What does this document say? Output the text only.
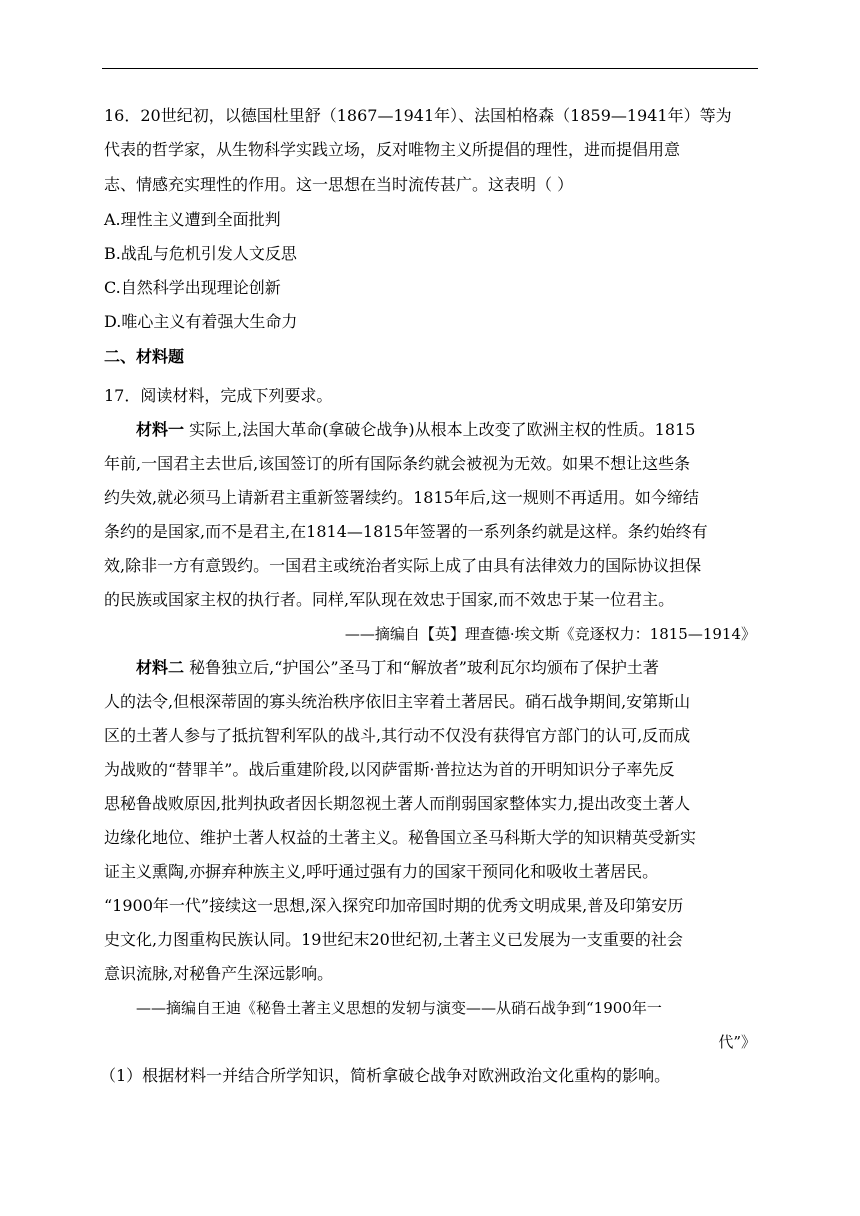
16．20世纪初，以德国杜里舒（1867—1941年）、法国柏格森（1859—1941年）等为
代表的哲学家，从生物科学实践立场，反对唯物主义所提倡的理性，进而提倡用意
志、情感充实理性的作用。这一思想在当时流传甚广。这表明（ ）
A.理性主义遭到全面批判
B.战乱与危机引发人文反思
C.自然科学出现理论创新
D.唯心主义有着强大生命力
二、材料题
17．阅读材料，完成下列要求。
材料一 实际上,法国大革命(拿破仑战争)从根本上改变了欧洲主权的性质。1815
年前,一国君主去世后,该国签订的所有国际条约就会被视为无效。如果不想让这些条
约失效,就必须马上请新君主重新签署续约。1815年后,这一规则不再适用。如今缔结
条约的是国家,而不是君主,在1814—1815年签署的一系列条约就是这样。条约始终有
效,除非一方有意毁约。一国君主或统治者实际上成了由具有法律效力的国际协议担保
的民族或国家主权的执行者。同样,军队现在效忠于国家,而不效忠于某一位君主。
——摘编自【英】理查德·埃文斯《竞逐权力：1815—1914》
材料二 秘鲁独立后,“护国公”圣马丁和“解放者”玻利瓦尔均颁布了保护土著
人的法令,但根深蒂固的寡头统治秩序依旧主宰着土著居民。硝石战争期间,安第斯山
区的土著人参与了抵抗智利军队的战斗,其行动不仅没有获得官方部门的认可,反而成
为战败的“替罪羊”。战后重建阶段,以冈萨雷斯·普拉达为首的开明知识分子率先反
思秘鲁战败原因,批判执政者因长期忽视土著人而削弱国家整体实力,提出改变土著人
边缘化地位、维护土著人权益的土著主义。秘鲁国立圣马科斯大学的知识精英受新实
证主义熏陶,亦摒弃种族主义,呼吁通过强有力的国家干预同化和吸收土著居民。
“1900年一代”接续这一思想,深入探究印加帝国时期的优秀文明成果,普及印第安历
史文化,力图重构民族认同。19世纪末20世纪初,土著主义已发展为一支重要的社会
意识流脉,对秘鲁产生深远影响。
——摘编自王迪《秘鲁土著主义思想的发轫与演变——从硝石战争到“1900年一
代”》
（1）根据材料一并结合所学知识，简析拿破仑战争对欧洲政治文化重构的影响。
